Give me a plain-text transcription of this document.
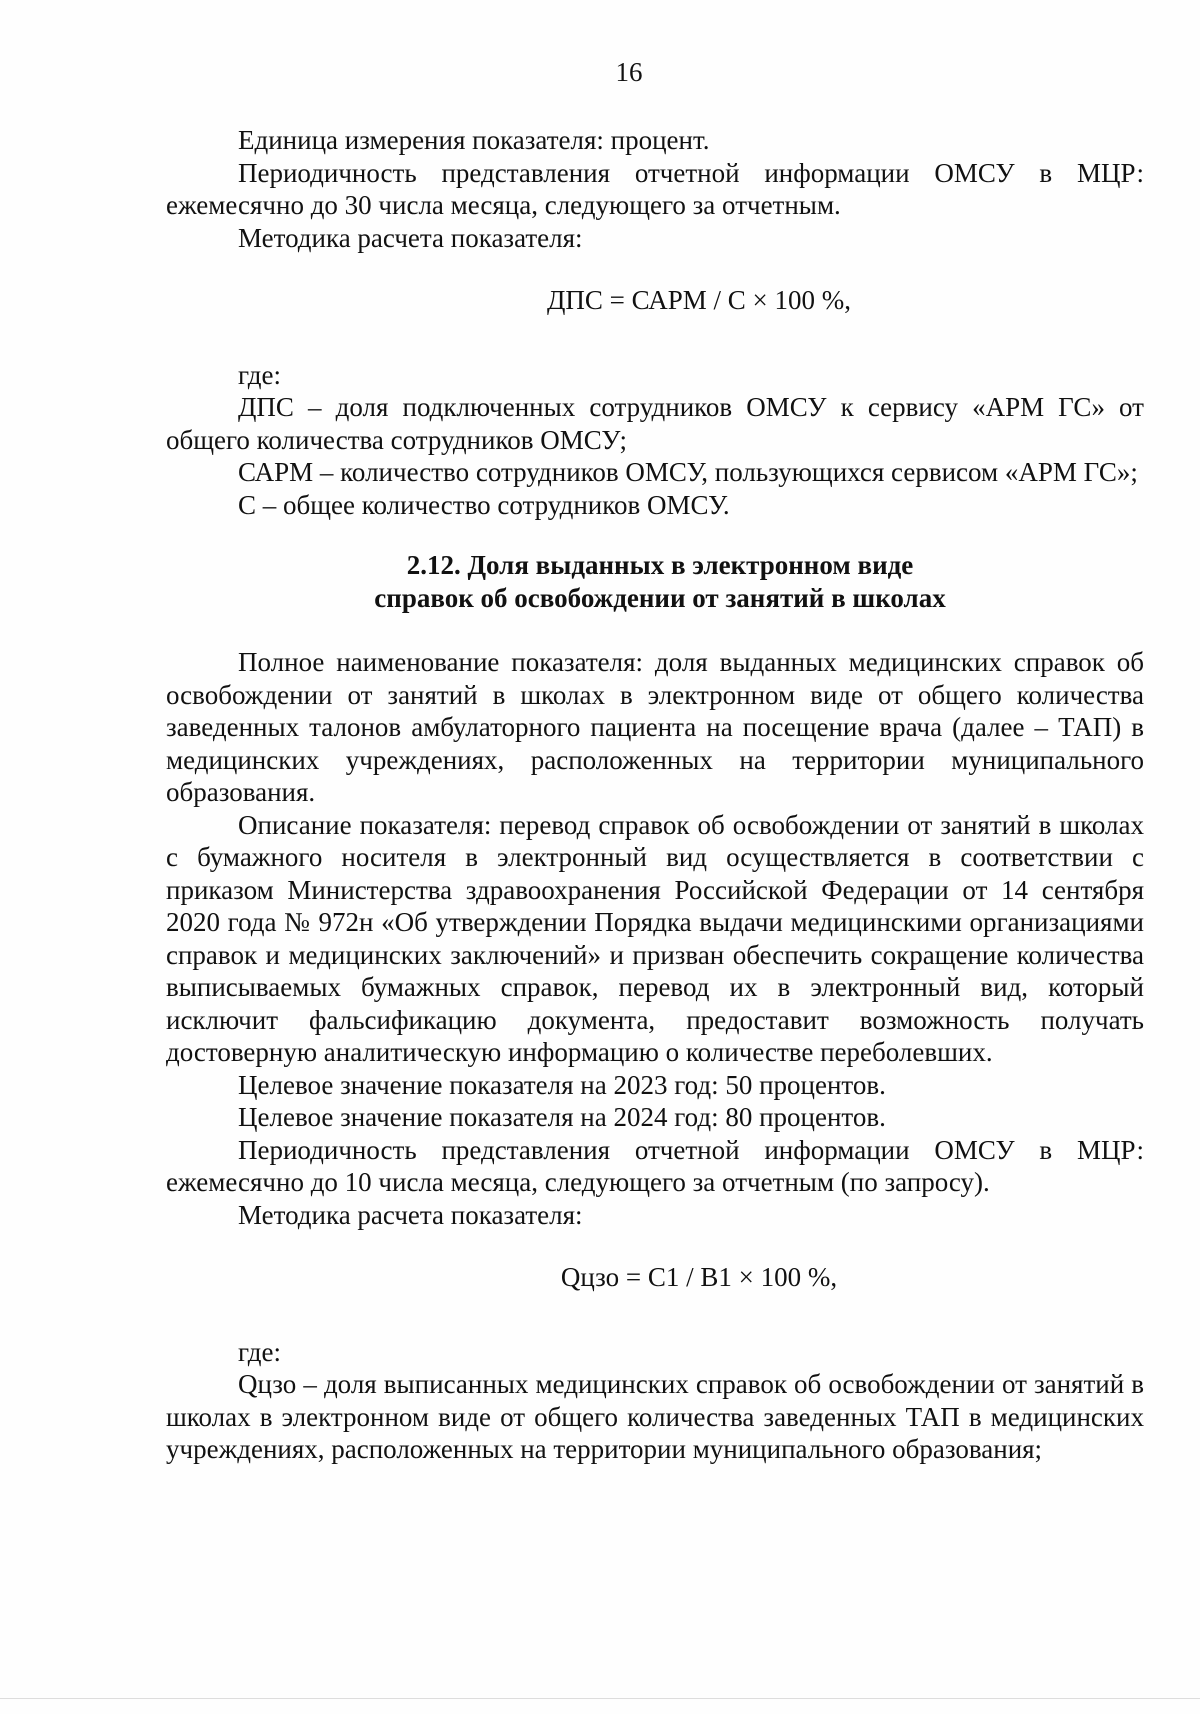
16

Единица измерения показателя: процент.

Периодичность представления отчетной информации ОМСУ в МЦР: ежемесячно до 30 числа месяца, следующего за отчетным.

Методика расчета показателя:

ДПС = САРМ / С × 100 %,

где:

ДПС – доля подключенных сотрудников ОМСУ к сервису «АРМ ГС» от общего количества сотрудников ОМСУ;

САРМ – количество сотрудников ОМСУ, пользующихся сервисом «АРМ ГС»;

С – общее количество сотрудников ОМСУ.

2.12. Доля выданных в электронном виде

справок об освобождении от занятий в школах

Полное наименование показателя: доля выданных медицинских справок об освобождении от занятий в школах в электронном виде от общего количества заведенных талонов амбулаторного пациента на посещение врача (далее – ТАП) в медицинских учреждениях, расположенных на территории муниципального образования.

Описание показателя: перевод справок об освобождении от занятий в школах с бумажного носителя в электронный вид осуществляется в соответствии с приказом Министерства здравоохранения Российской Федерации от 14 сентября 2020 года № 972н «Об утверждении Порядка выдачи медицинскими организациями справок и медицинских заключений» и призван обеспечить сокращение количества выписываемых бумажных справок, перевод их в электронный вид, который исключит фальсификацию документа, предоставит возможность получать достоверную аналитическую информацию о количестве переболевших.

Целевое значение показателя на 2023 год: 50 процентов.

Целевое значение показателя на 2024 год: 80 процентов.

Периодичность представления отчетной информации ОМСУ в МЦР: ежемесячно до 10 числа месяца, следующего за отчетным (по запросу).

Методика расчета показателя:

Qцзо = С1 / В1 × 100 %,

где:

Qцзо – доля выписанных медицинских справок об освобождении от занятий в школах в электронном виде от общего количества заведенных ТАП в медицинских учреждениях, расположенных на территории муниципального образования;
